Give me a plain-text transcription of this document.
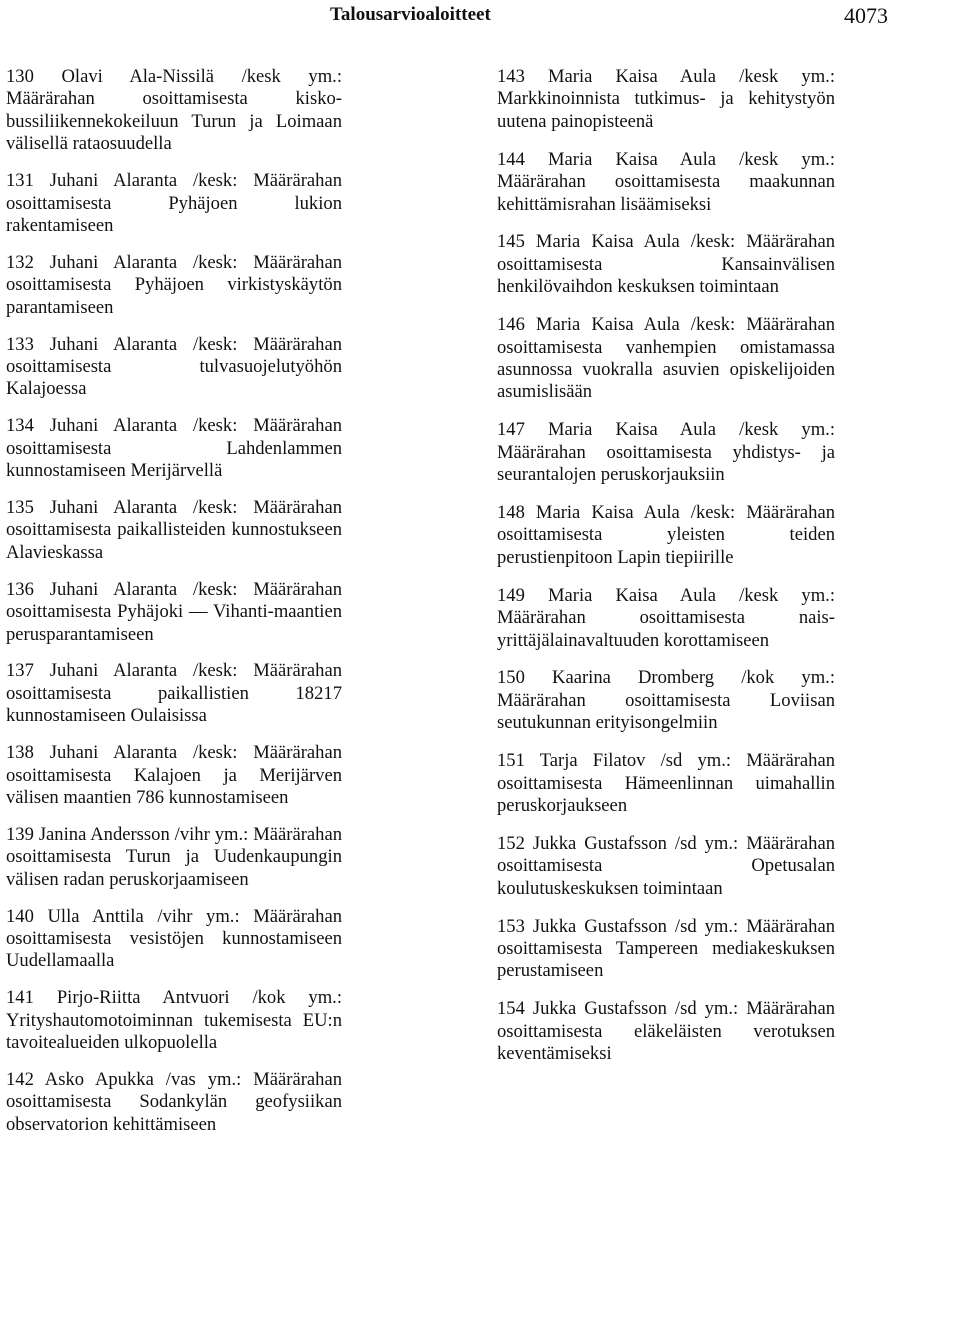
Talousarvioaloitteet	4073

130 Olavi Ala-Nissilä /kesk ym.: Määrärahan osoittamisesta kiskobussiliikennekokeiluun Turun ja Loimaan välisellä rataosuudella

131 Juhani Alaranta /kesk: Määrärahan osoittamisesta Pyhäjoen lukion rakentamiseen

132 Juhani Alaranta /kesk: Määrärahan osoittamisesta Pyhäjoen virkistyskäytön parantamiseen

133 Juhani Alaranta /kesk: Määrärahan osoittamisesta tulvasuojelutyöhön Kalajoessa

134 Juhani Alaranta /kesk: Määrärahan osoittamisesta Lahdenlammen kunnostamiseen Merijärvellä

135 Juhani Alaranta /kesk: Määrärahan osoittamisesta paikallisteiden kunnostukseen Alavieskassa

136 Juhani Alaranta /kesk: Määrärahan osoittamisesta Pyhäjoki — Vihanti-maantien perusparantamiseen

137 Juhani Alaranta /kesk: Määrärahan osoittamisesta paikallistien 18217 kunnostamiseen Oulaisissa

138 Juhani Alaranta /kesk: Määrärahan osoittamisesta Kalajoen ja Merijärven välisen maantien 786 kunnostamiseen

139 Janina Andersson /vihr ym.: Määrärahan osoittamisesta Turun ja Uudenkaupungin välisen radan peruskorjaamiseen

140 Ulla Anttila /vihr ym.: Määrärahan osoittamisesta vesistöjen kunnostamiseen Uudellamaalla

141 Pirjo-Riitta Antvuori /kok ym.: Yrityshautomotoiminnan tukemisesta EU:n tavoitealueiden ulkopuolella

142 Asko Apukka /vas ym.: Määrärahan osoittamisesta Sodankylän geofysiikan observatorion kehittämiseen

143 Maria Kaisa Aula /kesk ym.: Markkinoinnista tutkimus- ja kehitystyön uutena painopisteenä

144 Maria Kaisa Aula /kesk ym.: Määrärahan osoittamisesta maakunnan kehittämisrahan lisäämiseksi

145 Maria Kaisa Aula /kesk: Määrärahan osoittamisesta Kansainvälisen henkilövaihdon keskuksen toimintaan

146 Maria Kaisa Aula /kesk: Määrärahan osoittamisesta vanhempien omistamassa asunnossa vuokralla asuvien opiskelijoiden asumislisään

147 Maria Kaisa Aula /kesk ym.: Määrärahan osoittamisesta yhdistys- ja seurantalojen peruskorjauksiin

148 Maria Kaisa Aula /kesk: Määrärahan osoittamisesta yleisten teiden perustienpitoon Lapin tiepiirille

149 Maria Kaisa Aula /kesk ym.: Määrärahan osoittamisesta naisyrittäjälainavaltuuden korottamiseen

150 Kaarina Dromberg /kok ym.: Määrärahan osoittamisesta Loviisan seutukunnan erityisongelmiin

151 Tarja Filatov /sd ym.: Määrärahan osoittamisesta Hämeenlinnan uimahallin peruskorjaukseen

152 Jukka Gustafsson /sd ym.: Määrärahan osoittamisesta Opetusalan koulutuskeskuksen toimintaan

153 Jukka Gustafsson /sd ym.: Määrärahan osoittamisesta Tampereen mediakeskuksen perustamiseen

154 Jukka Gustafsson /sd ym.: Määrärahan osoittamisesta eläkeläisten verotuksen keventämiseksi
